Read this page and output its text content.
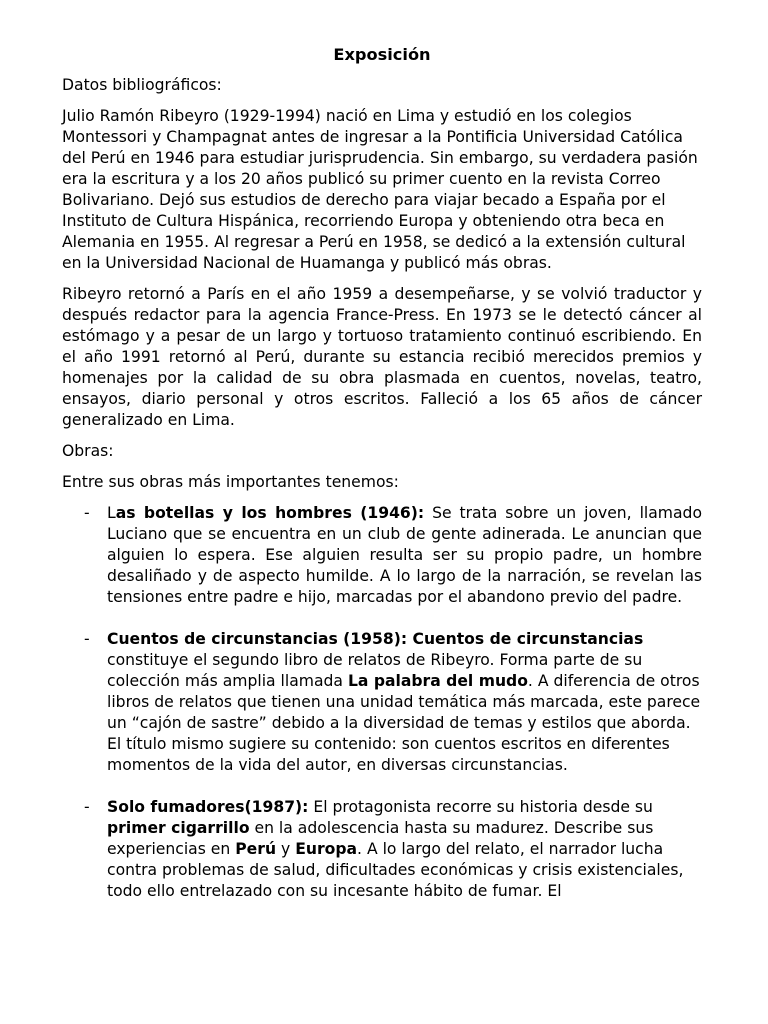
Exposición

Datos bibliográficos:

Julio Ramón Ribeyro (1929-1994) nació en Lima y estudió en los colegios Montessori y Champagnat antes de ingresar a la Pontificia Universidad Católica del Perú en 1946 para estudiar jurisprudencia. Sin embargo, su verdadera pasión era la escritura y a los 20 años publicó su primer cuento en la revista Correo Bolivariano. Dejó sus estudios de derecho para viajar becado a España por el Instituto de Cultura Hispánica, recorriendo Europa y obteniendo otra beca en Alemania en 1955. Al regresar a Perú en 1958, se dedicó a la extensión cultural en la Universidad Nacional de Huamanga y publicó más obras.

Ribeyro retornó a París en el año 1959 a desempeñarse, y se volvió traductor y después redactor para la agencia France-Press. En 1973 se le detectó cáncer al estómago y a pesar de un largo y tortuoso tratamiento continuó escribiendo. En el año 1991 retornó al Perú, durante su estancia recibió merecidos premios y homenajes por la calidad de su obra plasmada en cuentos, novelas, teatro, ensayos, diario personal y otros escritos. Falleció a los 65 años de cáncer generalizado en Lima.

Obras:

Entre sus obras más importantes tenemos:

- Las botellas y los hombres (1946): Se trata sobre un joven, llamado Luciano que se encuentra en un club de gente adinerada. Le anuncian que alguien lo espera. Ese alguien resulta ser su propio padre, un hombre desaliñado y de aspecto humilde. A lo largo de la narración, se revelan las tensiones entre padre e hijo, marcadas por el abandono previo del padre.
- Cuentos de circunstancias (1958): Cuentos de circunstancias constituye el segundo libro de relatos de Ribeyro. Forma parte de su colección más amplia llamada La palabra del mudo. A diferencia de otros libros de relatos que tienen una unidad temática más marcada, este parece un “cajón de sastre” debido a la diversidad de temas y estilos que aborda. El título mismo sugiere su contenido: son cuentos escritos en diferentes momentos de la vida del autor, en diversas circunstancias.
- Solo fumadores(1987): El protagonista recorre su historia desde su primer cigarrillo en la adolescencia hasta su madurez. Describe sus experiencias en Perú y Europa. A lo largo del relato, el narrador lucha contra problemas de salud, dificultades económicas y crisis existenciales, todo ello entrelazado con su incesante hábito de fumar. El
